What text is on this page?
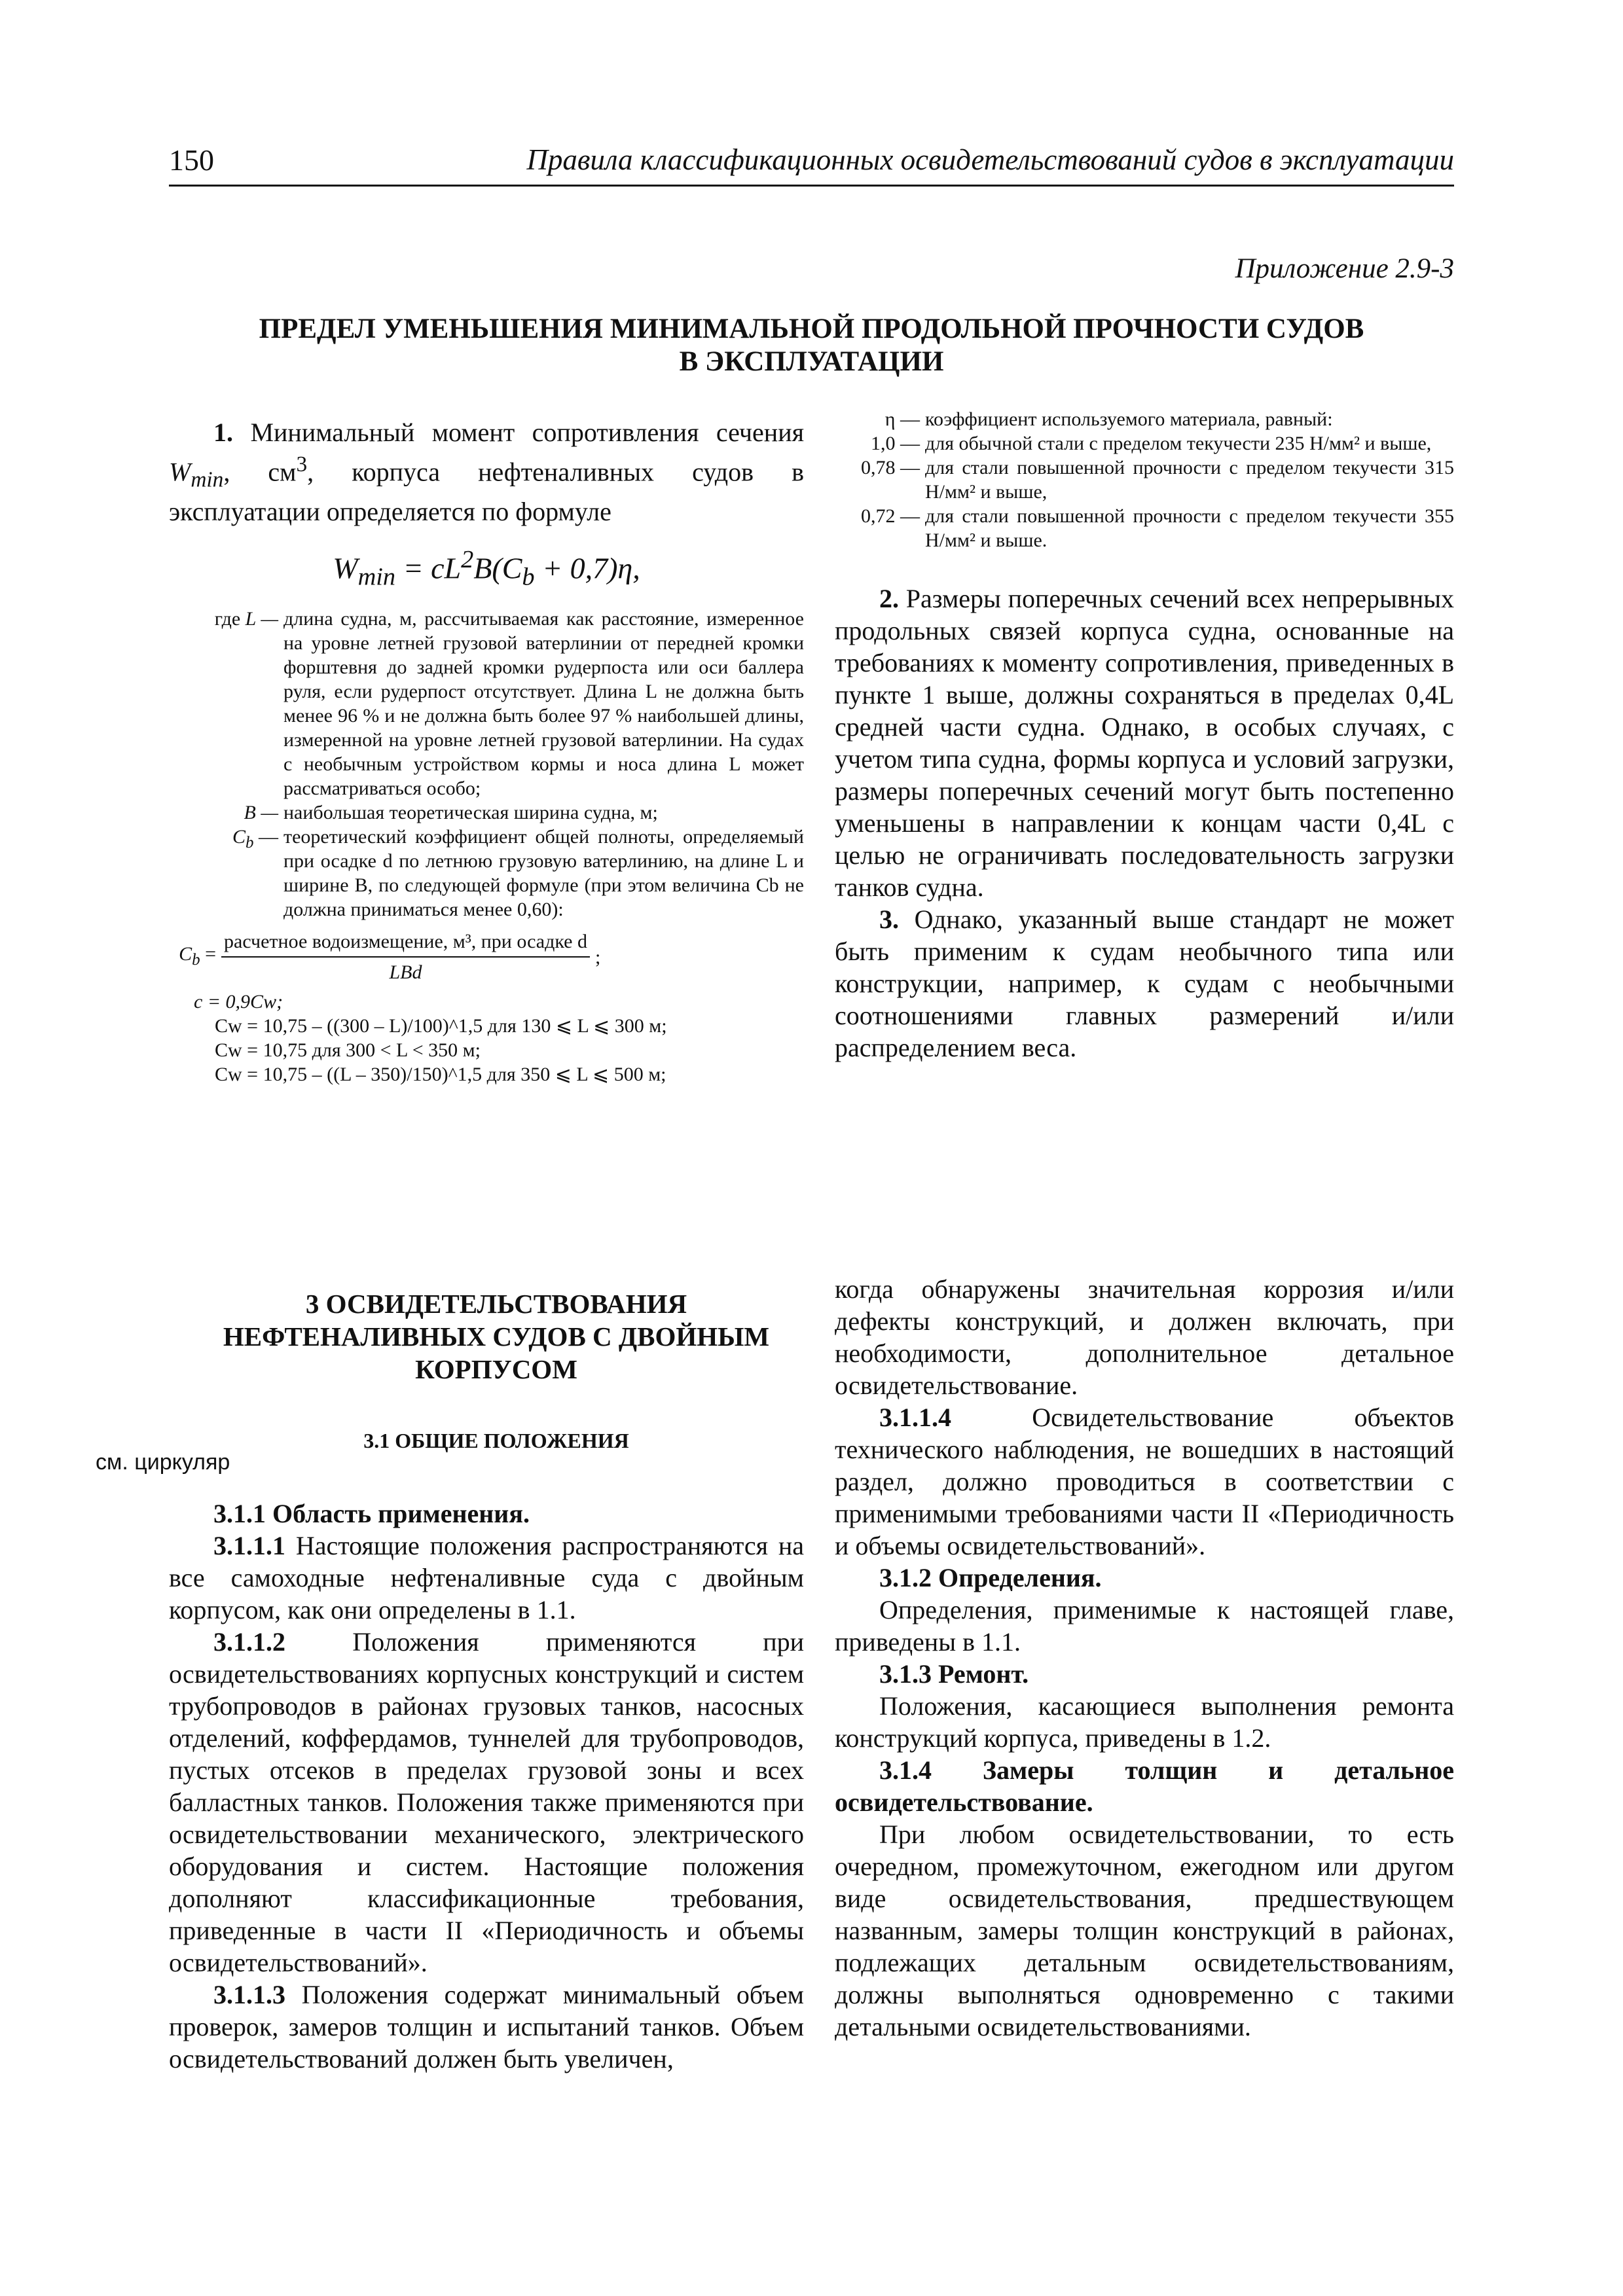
150	Правила классификационных освидетельствований судов в эксплуатации
Приложение 2.9-3
ПРЕДЕЛ УМЕНЬШЕНИЯ МИНИМАЛЬНОЙ ПРОДОЛЬНОЙ ПРОЧНОСТИ СУДОВ
В ЭКСПЛУАТАЦИИ

1. Минимальный момент сопротивления сечения $W_{min}$, $см^3$, корпуса нефтеналивных судов в эксплуатации определяется по формуле

$W_{min} = cL^2B(C_b + 0,7)\eta$,
где L — длина судна, м, рассчитываемая как расстояние, измеренное на уровне летней грузовой ватерлинии от передней кромки форштевня до задней кромки рудерпоста или оси баллера руля, если рудерпост отсутствует. Длина L не должна быть менее 96 % и не должна быть более 97 % наибольшей длины, измеренной на уровне летней грузовой ватерлинии. На судах с необычным устройством кормы и носа длина L может рассматриваться особо;
B — наибольшая теоретическая ширина судна, м;
$C_b$ — теоретический коэффициент общей полноты, определяемый при осадке d по летнюю грузовую ватерлинию, на длине L и ширине B, по следующей формуле (при этом величина Cb не должна приниматься менее 0,60):
$C_b = \frac{\text{расчетное водоизмещение, м³, при осадке d}}{\text{LBd}}$ ;
c = 0,9Cw;
Cw = 10,75 – ((300 – L)/100)^1,5 для 130 ⩽ L ⩽ 300 м;
Cw = 10,75 для 300 < L < 350 м;
Cw = 10,75 – ((L – 350)/150)^1,5 для 350 ⩽ L ⩽ 500 м;
η — коэффициент используемого материала, равный:
1,0 — для обычной стали с пределом текучести 235 Н/мм² и выше,
0,78 — для стали повышенной прочности с пределом текучести 315 Н/мм² и выше,
0,72 — для стали повышенной прочности с пределом текучести 355 Н/мм² и выше.

2. Размеры поперечных сечений всех непрерывных продольных связей корпуса судна, основанные на требованиях к моменту сопротивления, приведенных в пункте 1 выше, должны сохраняться в пределах 0,4L средней части судна. Однако, в особых случаях, с учетом типа судна, формы корпуса и условий загрузки, размеры поперечных сечений могут быть постепенно уменьшены в направлении к концам части 0,4L с целью не ограничивать последовательность загрузки танков судна.

3. Однако, указанный выше стандарт не может быть применим к судам необычного типа или конструкции, например, к судам с необычными соотношениями главных размерений и/или распределением веса.

см. циркуляр
3 ОСВИДЕТЕЛЬСТВОВАНИЯ
НЕФТЕНАЛИВНЫХ СУДОВ С ДВОЙНЫМ
КОРПУСОМ
3.1 ОБЩИЕ ПОЛОЖЕНИЯ

3.1.1 Область применения.

3.1.1.1 Настоящие положения распространяются на все самоходные нефтеналивные суда с двойным корпусом, как они определены в 1.1.

3.1.1.2	Положения применяются при освидетельствованиях корпусных конструкций и систем трубопроводов в районах грузовых танков, насосных отделений, коффердамов, туннелей для трубопроводов, пустых отсеков в пределах грузовой зоны и всех балластных танков. Положения также применяются при освидетельствовании механического, электрического оборудования и систем. Настоящие положения дополняют классификационные требования, приведенные в части II «Периодичность и объемы освидетельствований».

3.1.1.3 Положения содержат минимальный объем проверок, замеров толщин и испытаний танков. Объем освидетельствований должен быть увеличен,

когда обнаружены значительная коррозия и/или дефекты конструкций, и должен включать, при необходимости, дополнительное детальное освидетельствование.

3.1.1.4	Освидетельствование объектов технического наблюдения, не вошедших в настоящий раздел, должно проводиться в соответствии с применимыми требованиями части II «Периодичность и объемы освидетельствований».

3.1.2 Определения.

Определения, применимые к настоящей главе, приведены в 1.1.

3.1.3 Ремонт.

Положения, касающиеся выполнения ремонта конструкций корпуса, приведены в 1.2.

3.1.4 Замеры толщин и детальное освидетельствование.

При любом освидетельствовании, то есть очередном, промежуточном, ежегодном или другом виде освидетельствования, предшествующем названным, замеры толщин конструкций в районах, подлежащих детальным освидетельствованиям, должны выполняться одновременно с такими детальными освидетельствованиями.
